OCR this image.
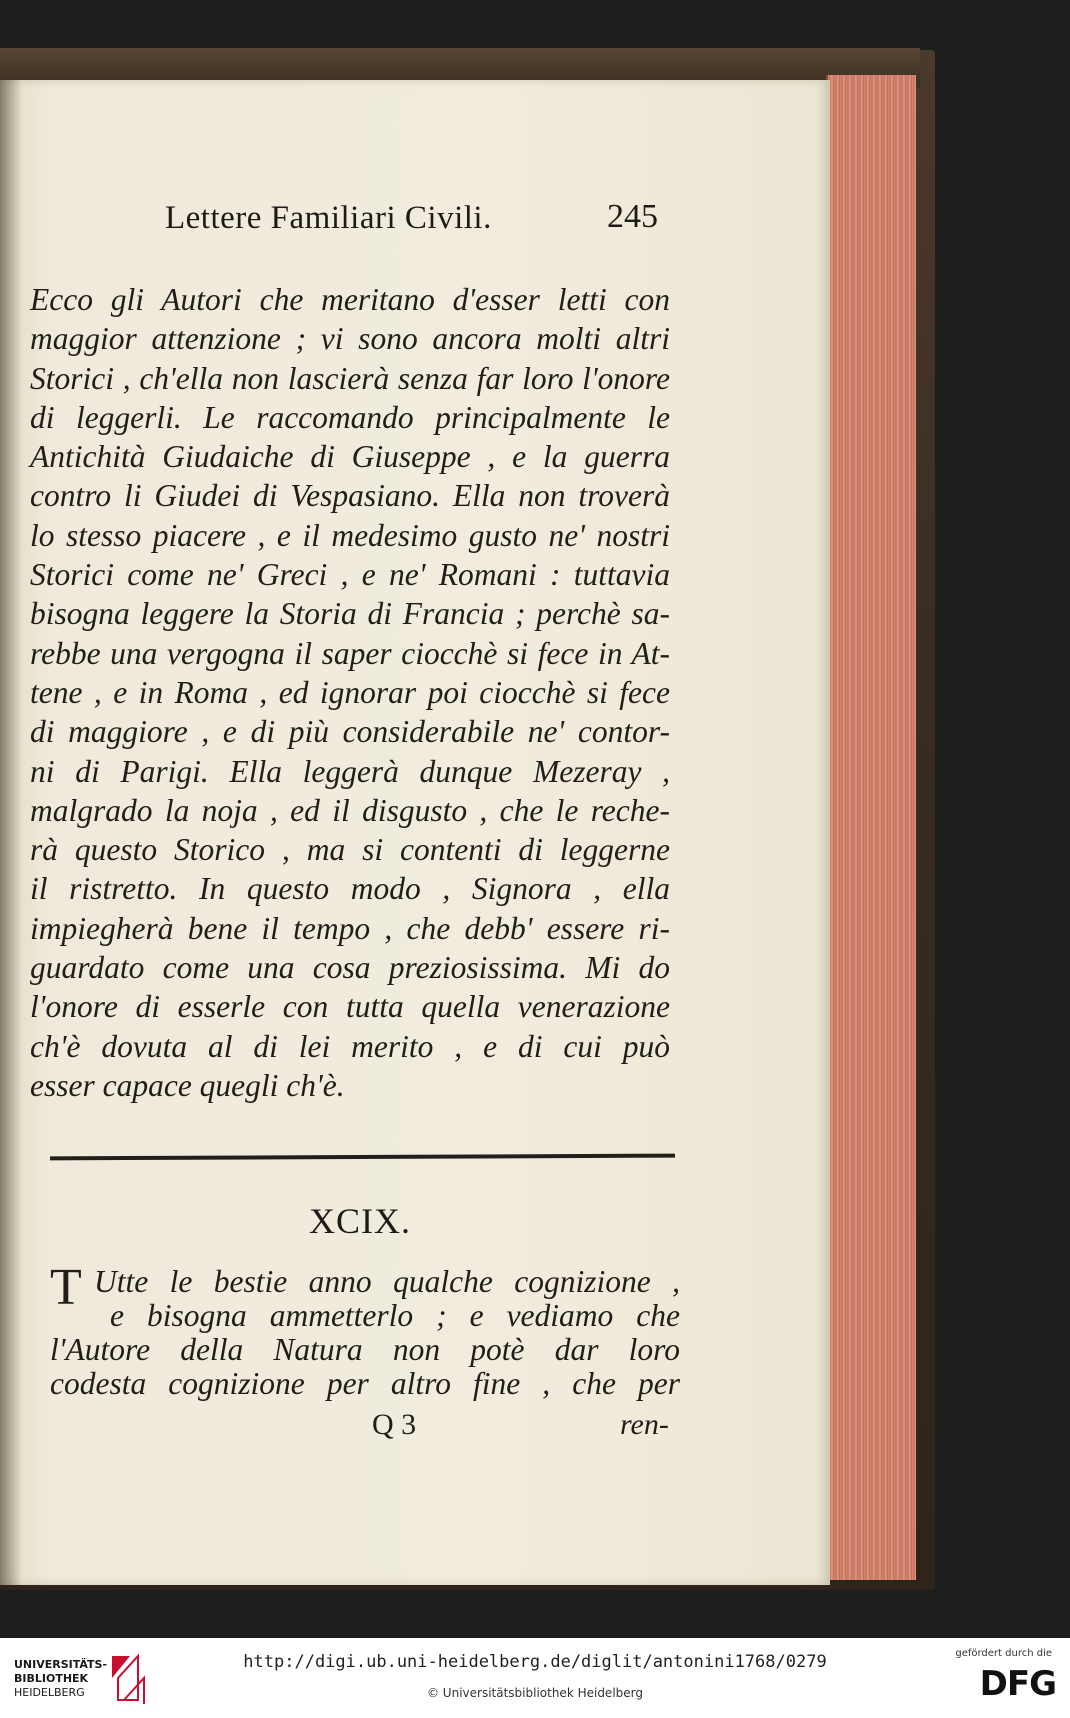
Lettere Familiari Civili.	245
Ecco gli Autori che meritano d'esser letti con
maggior attenzione ; vi sono ancora molti altri
Storici , ch'ella non lascierà senza far loro l'onore
di leggerli. Le raccomando principalmente le
Antichità Giudaiche di Giuseppe , e la guerra
contro li Giudei di Vespasiano. Ella non troverà
lo stesso piacere , e il medesimo gusto ne' nostri
Storici come ne' Greci , e ne' Romani : tuttavia
bisogna leggere la Storia di Francia ; perchè sa-
rebbe una vergogna il saper ciocchè si fece in At-
tene , e in Roma , ed ignorar poi ciocchè si fece
di maggiore , e di più considerabile ne' contor-
ni di Parigi. Ella leggerà dunque Mezeray ,
malgrado la noja , ed il disgusto , che le reche-
rà questo Storico , ma si contenti di leggerne
il ristretto. In questo modo , Signora , ella
impiegherà bene il tempo , che debb' essere ri-
guardato come una cosa preziosissima. Mi do
l'onore di esserle con tutta quella venerazione
ch'è dovuta al di lei merito , e di cui può
esser capace quegli ch'è.
XCIX.
T Utte le bestie anno qualche cognizione ,
e bisogna ammetterlo ; e vediamo che
l'Autore della Natura non potè dar loro
codesta cognizione per altro fine , che per
Q 3	ren-
UNIVERSITÄTS-
BIBLIOTHEK
HEIDELBERG
http://digi.ub.uni-heidelberg.de/diglit/antonini1768/0279
© Universitätsbibliothek Heidelberg
gefördert durch die
DFG
